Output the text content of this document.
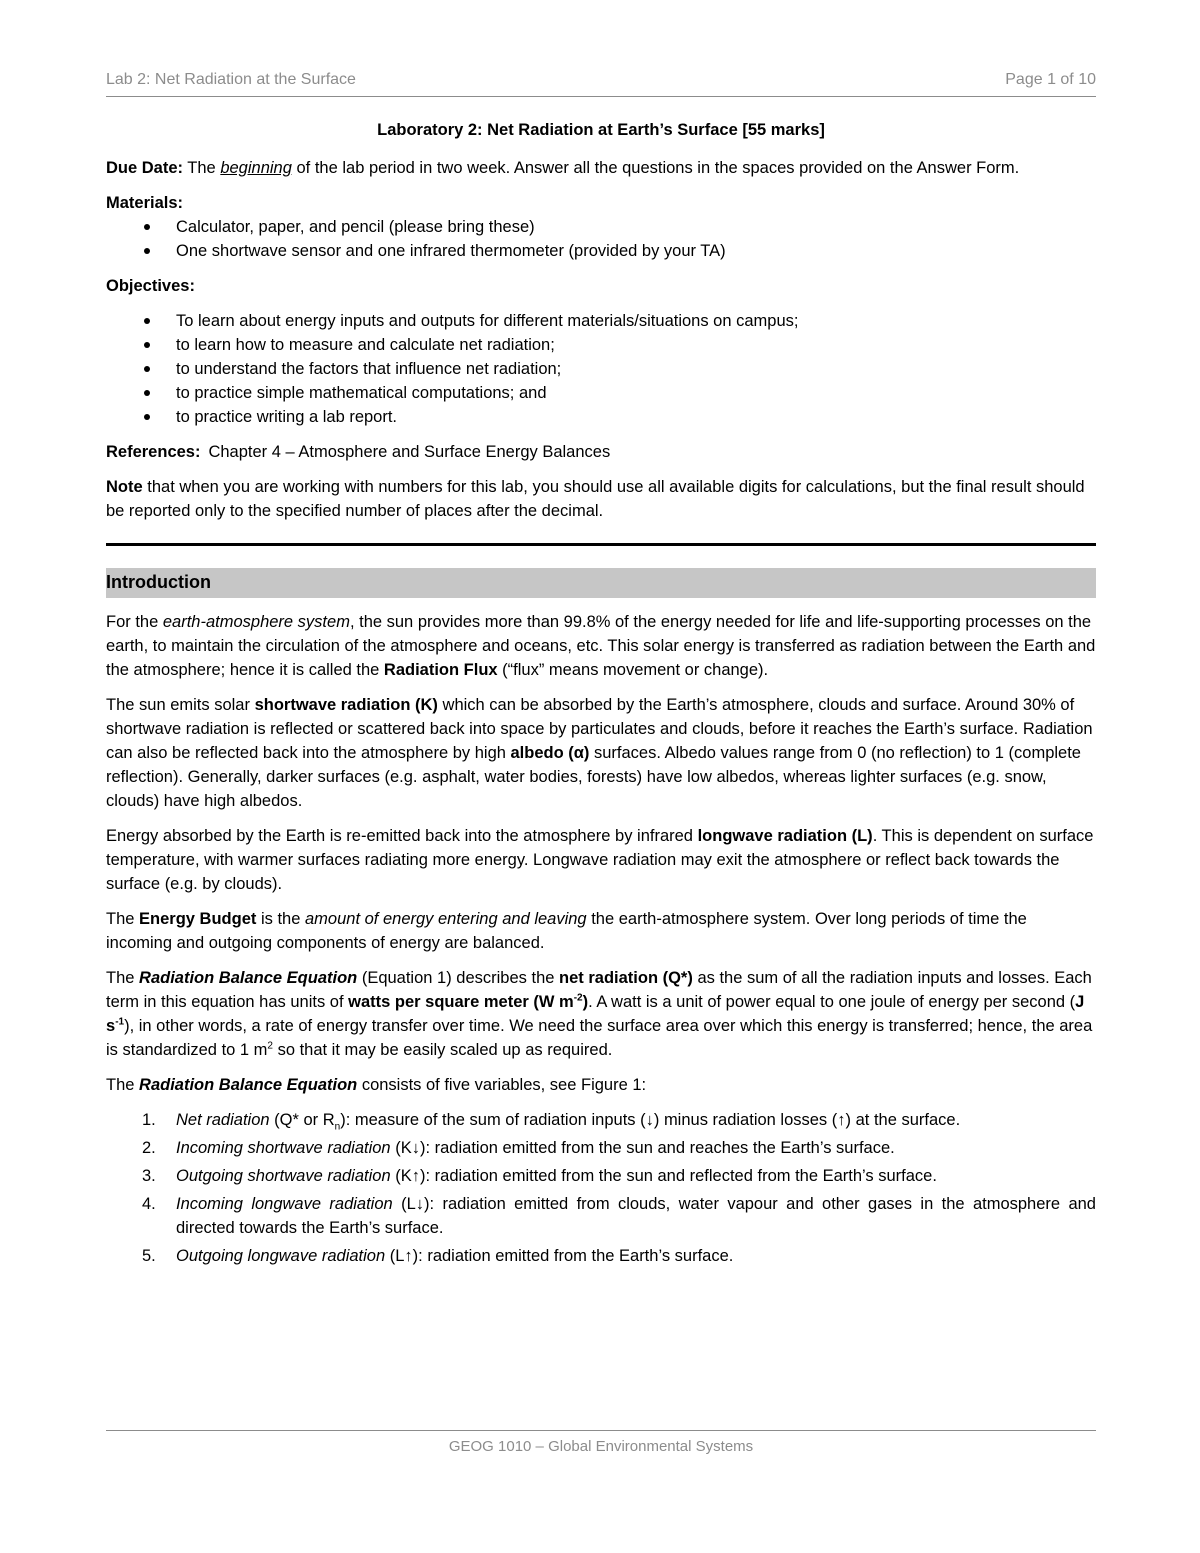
Lab 2: Net Radiation at the Surface	Page 1 of 10

Laboratory 2: Net Radiation at Earth’s Surface [55 marks]

Due Date: The beginning of the lab period in two week. Answer all the questions in the spaces provided on the Answer Form.

Materials:

Calculator, paper, and pencil (please bring these)
One shortwave sensor and one infrared thermometer (provided by your TA)

Objectives:

To learn about energy inputs and outputs for different materials/situations on campus;
to learn how to measure and calculate net radiation;
to understand the factors that influence net radiation;
to practice simple mathematical computations; and
to practice writing a lab report.

References: Chapter 4 – Atmosphere and Surface Energy Balances

Note that when you are working with numbers for this lab, you should use all available digits for calculations, but the final result should be reported only to the specified number of places after the decimal.

Introduction

For the earth-atmosphere system, the sun provides more than 99.8% of the energy needed for life and life-supporting processes on the earth, to maintain the circulation of the atmosphere and oceans, etc. This solar energy is transferred as radiation between the Earth and the atmosphere; hence it is called the Radiation Flux (“flux” means movement or change).

The sun emits solar shortwave radiation (K) which can be absorbed by the Earth’s atmosphere, clouds and surface. Around 30% of shortwave radiation is reflected or scattered back into space by particulates and clouds, before it reaches the Earth’s surface. Radiation can also be reflected back into the atmosphere by high albedo (α) surfaces. Albedo values range from 0 (no reflection) to 1 (complete reflection). Generally, darker surfaces (e.g. asphalt, water bodies, forests) have low albedos, whereas lighter surfaces (e.g. snow, clouds) have high albedos.

Energy absorbed by the Earth is re-emitted back into the atmosphere by infrared longwave radiation (L). This is dependent on surface temperature, with warmer surfaces radiating more energy. Longwave radiation may exit the atmosphere or reflect back towards the surface (e.g. by clouds).

The Energy Budget is the amount of energy entering and leaving the earth-atmosphere system. Over long periods of time the incoming and outgoing components of energy are balanced.

The Radiation Balance Equation (Equation 1) describes the net radiation (Q*) as the sum of all the radiation inputs and losses. Each term in this equation has units of watts per square meter (W $m^{-2}$). A watt is a unit of power equal to one joule of energy per second (J $s^{-1}$), in other words, a rate of energy transfer over time. We need the surface area over which this energy is transferred; hence, the area is standardized to 1 $m^2$ so that it may be easily scaled up as required.

The Radiation Balance Equation consists of five variables, see Figure 1:

1. Net radiation (Q* or $R_n$): measure of the sum of radiation inputs (↓) minus radiation losses (↑) at the surface.
2. Incoming shortwave radiation (K↓): radiation emitted from the sun and reaches the Earth’s surface.
3. Outgoing shortwave radiation (K↑): radiation emitted from the sun and reflected from the Earth’s surface.
4. Incoming longwave radiation (L↓): radiation emitted from clouds, water vapour and other gases in the atmosphere and directed towards the Earth’s surface.
5. Outgoing longwave radiation (L↑): radiation emitted from the Earth’s surface.
GEOG 1010 – Global Environmental Systems
